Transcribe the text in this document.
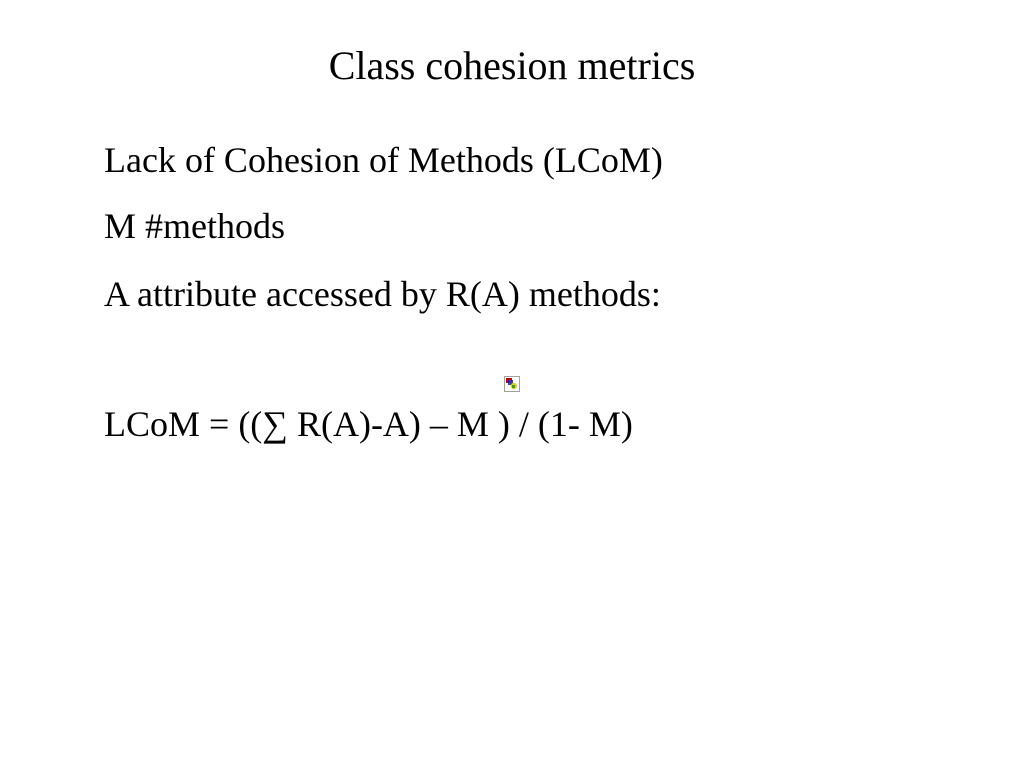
Class cohesion metrics
Lack of Cohesion of Methods (LCoM)
M #methods
A attribute accessed by R(A) methods:
LCoM = ((∑ R(A)-A) – M ) / (1- M)
